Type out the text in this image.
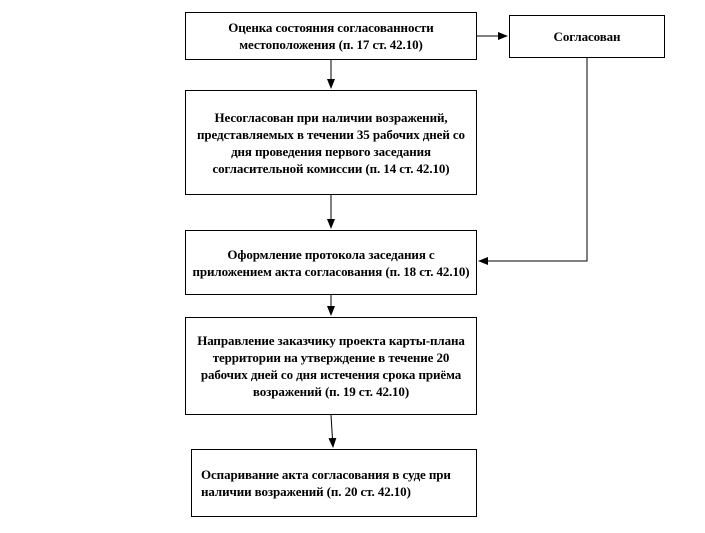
Оценка состояния согласованности местоположения (п. 17 ст. 42.10)
Согласован
Несогласован при наличии возражений, представляемых в течении 35 рабочих дней со дня проведения первого заседания согласительной комиссии (п. 14 ст. 42.10)
Оформление протокола заседания с приложением акта согласования (п. 18 ст. 42.10)
Направление заказчику проекта карты-плана территории на утверждение в течение 20 рабочих дней со дня истечения срока приёма возражений (п. 19 ст. 42.10)
Оспаривание акта согласования в суде при наличии возражений (п. 20 ст. 42.10)
